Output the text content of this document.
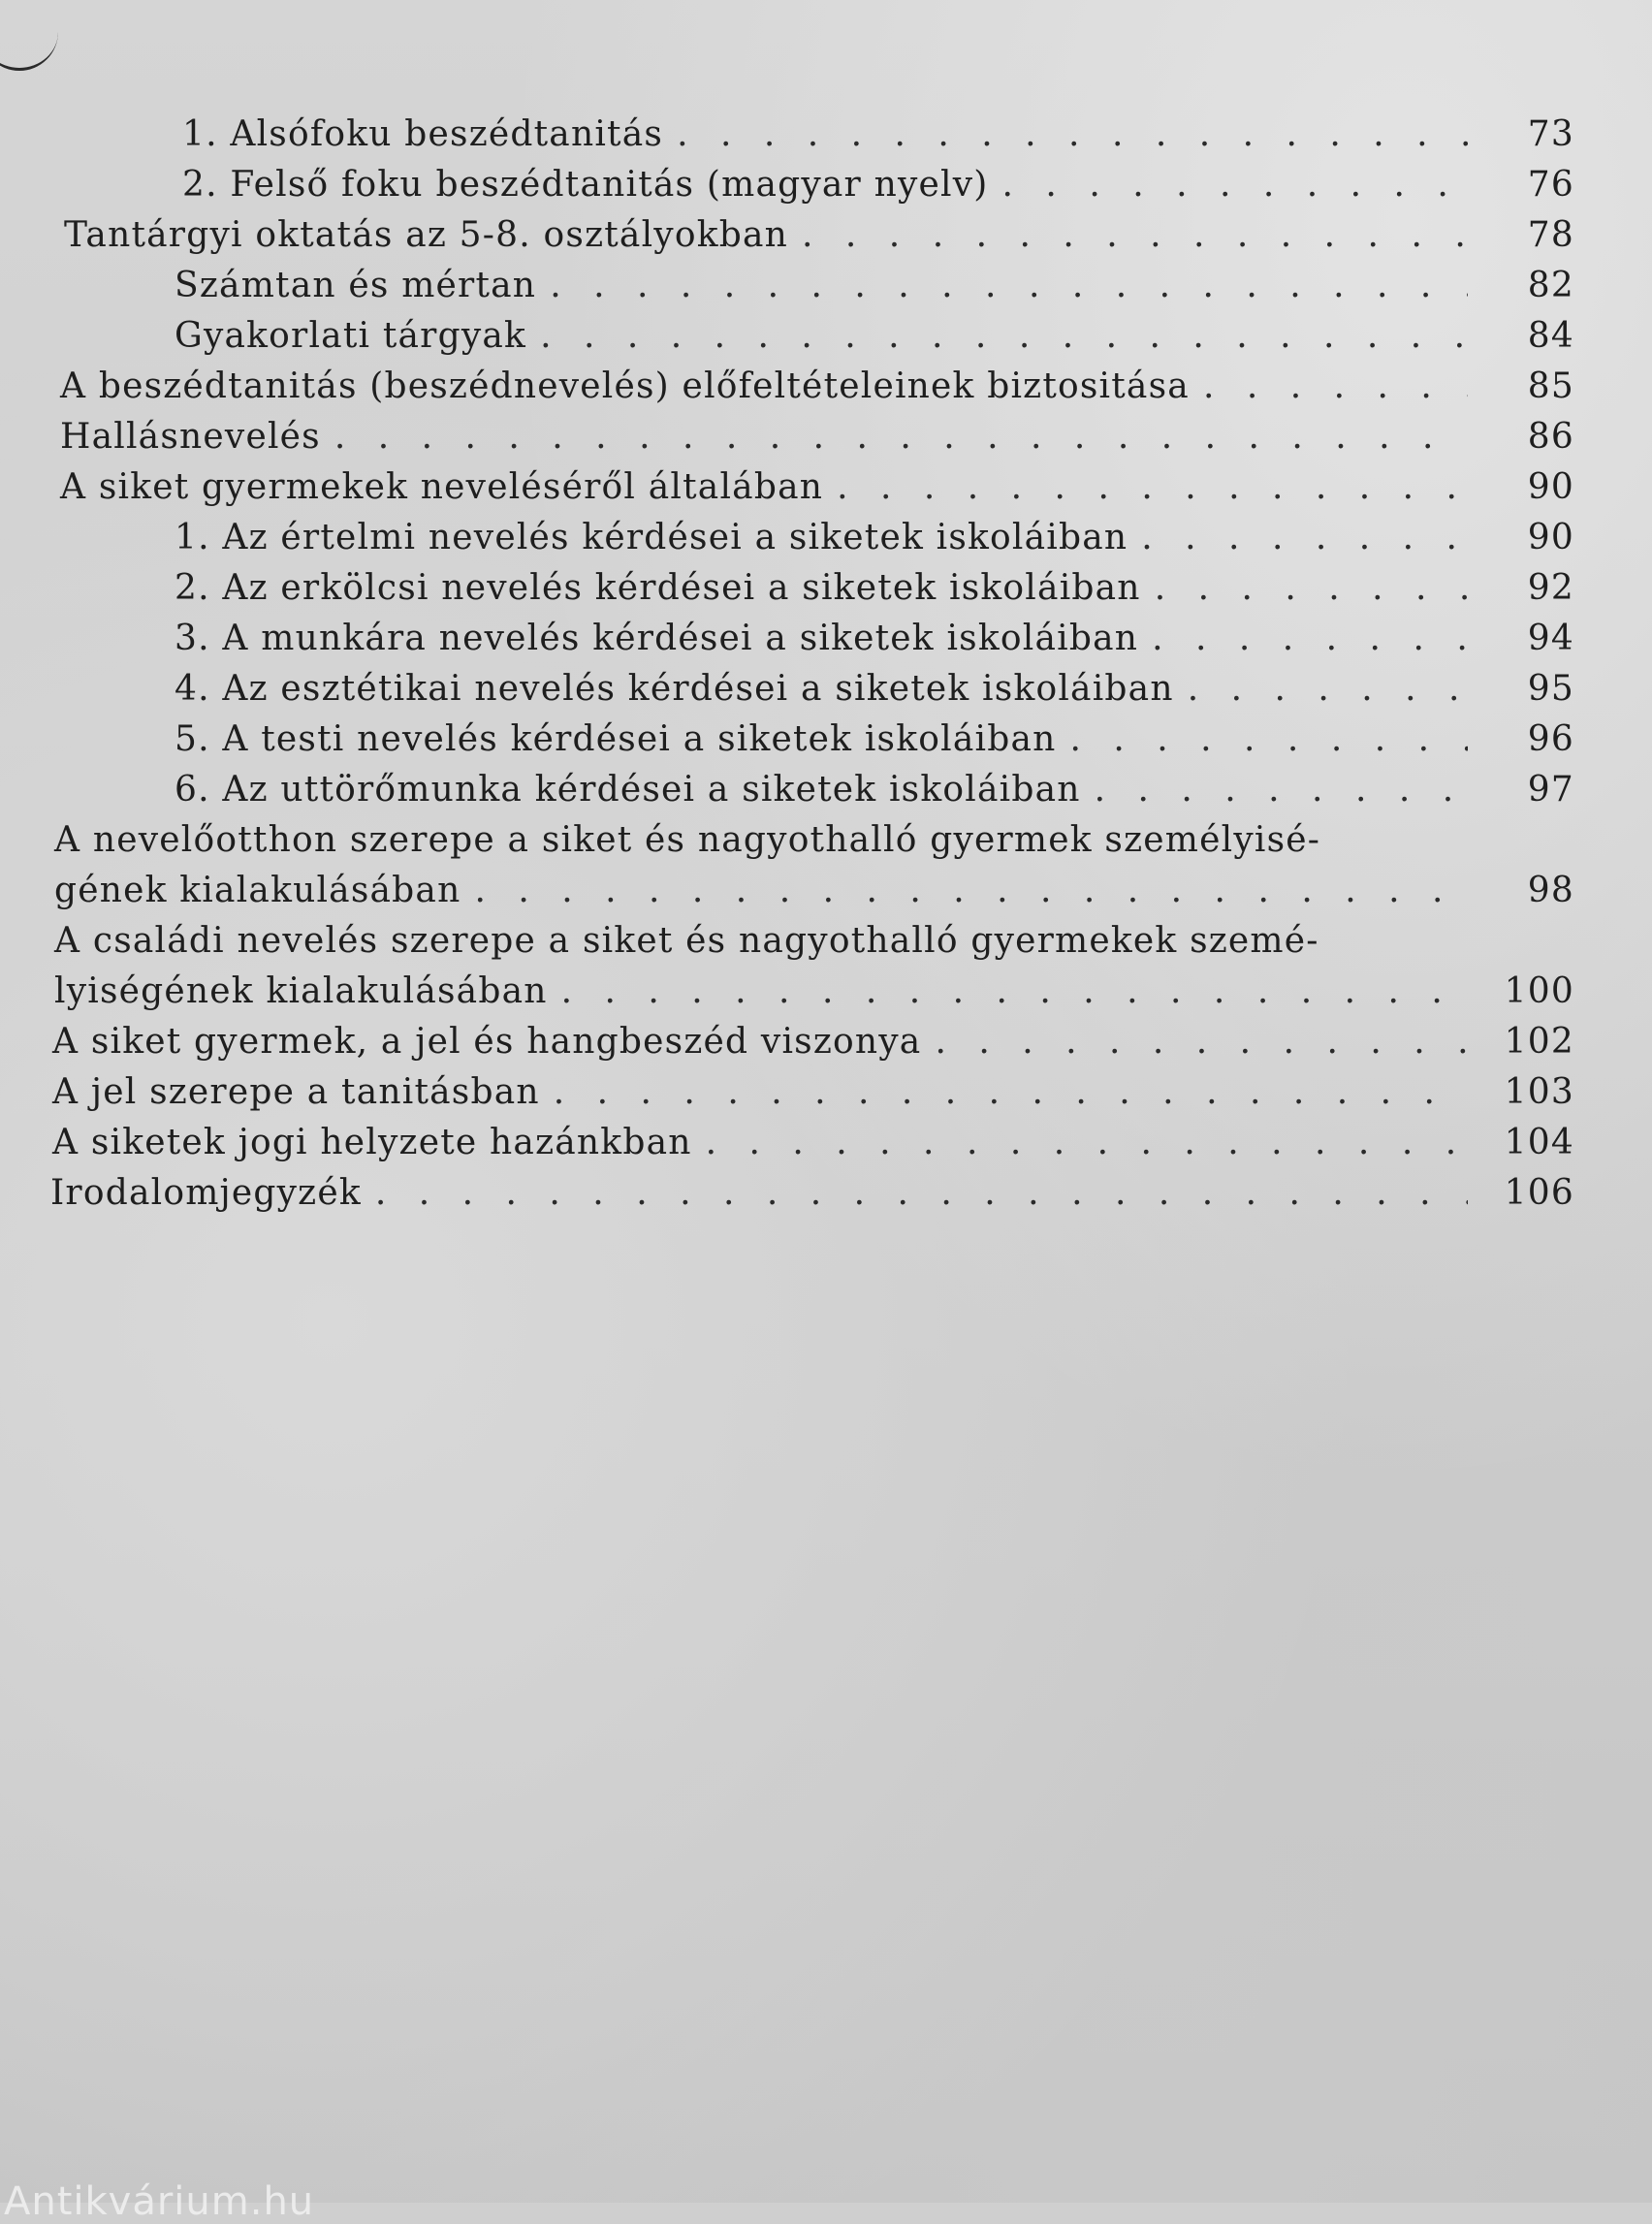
1. Alsófoku beszédtanitás . . .	73
2. Felső foku beszédtanitás (magyar nyelv) . . .	76
Tantárgyi oktatás az 5-8. osztályokban . . .	78
Számtan és mértan . . .	82
Gyakorlati tárgyak . . .	84
A beszédtanitás (beszédnevelés) előfeltételeinek biztositása . . .	85
Hallásnevelés . . .	86
A siket gyermekek neveléséről általában . . .	90
1. Az értelmi nevelés kérdései a siketek iskoláiban . . .	90
2. Az erkölcsi nevelés kérdései a siketek iskoláiban . . .	92
3. A munkára nevelés kérdései a siketek iskoláiban . . .	94
4. Az esztétikai nevelés kérdései a siketek iskoláiban . . .	95
5. A testi nevelés kérdései a siketek iskoláiban . . .	96
6. Az uttörőmunka kérdései a siketek iskoláiban . . .	97
A nevelőotthon szerepe a siket és nagyothalló gyermek személyisé-
gének kialakulásában . . .	98
A családi nevelés szerepe a siket és nagyothalló gyermekek szemé-
lyiségének kialakulásában . . .	100
A siket gyermek, a jel és hangbeszéd viszonya . . .	102
A jel szerepe a tanitásban . . .	103
A siketek jogi helyzete hazánkban . . .	104
Irodalomjegyzék . . .	106
Antikvárium.hu
